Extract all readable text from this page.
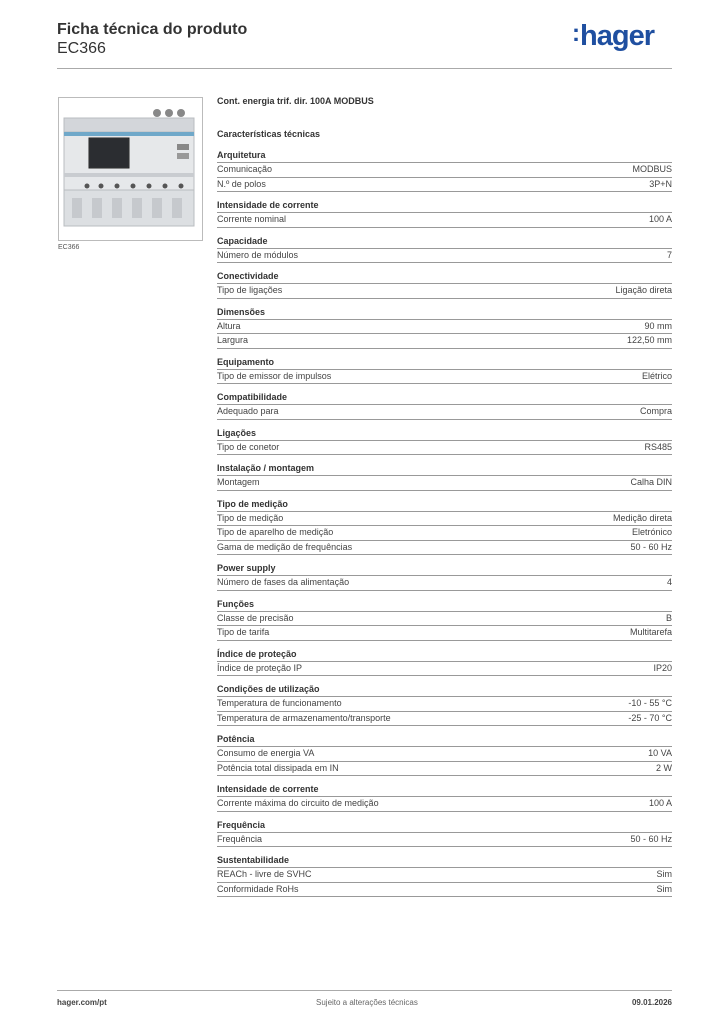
Ficha técnica do produto
EC366
:hager
EC366
Cont. energia trif. dir. 100A MODBUS
Características técnicas
Arquitetura
Comunicação	MODBUS
N.º de polos	3P+N
Intensidade de corrente
Corrente nominal	100 A
Capacidade
Número de módulos	7
Conectividade
Tipo de ligações	Ligação direta
Dimensões
Altura	90 mm
Largura	122,50 mm
Equipamento
Tipo de emissor de impulsos	Elétrico
Compatibilidade
Adequado para	Compra
Ligações
Tipo de conetor	RS485
Instalação / montagem
Montagem	Calha DIN
Tipo de medição
Tipo de medição	Medição direta
Tipo de aparelho de medição	Eletrónico
Gama de medição de frequências	50 - 60 Hz
Power supply
Número de fases da alimentação	4
Funções
Classe de precisão	B
Tipo de tarifa	Multitarefa
Índice de proteção
Índice de proteção IP	IP20
Condições de utilização
Temperatura de funcionamento	-10 - 55 °C
Temperatura de armazenamento/transporte	-25 - 70 °C
Potência
Consumo de energia VA	10 VA
Potência total dissipada em IN	2 W
Intensidade de corrente
Corrente máxima do circuito de medição	100 A
Frequência
Frequência	50 - 60 Hz
Sustentabilidade
REACh - livre de SVHC	Sim
Conformidade RoHs	Sim
hager.com/pt	Sujeito a alterações técnicas	09.01.2026
